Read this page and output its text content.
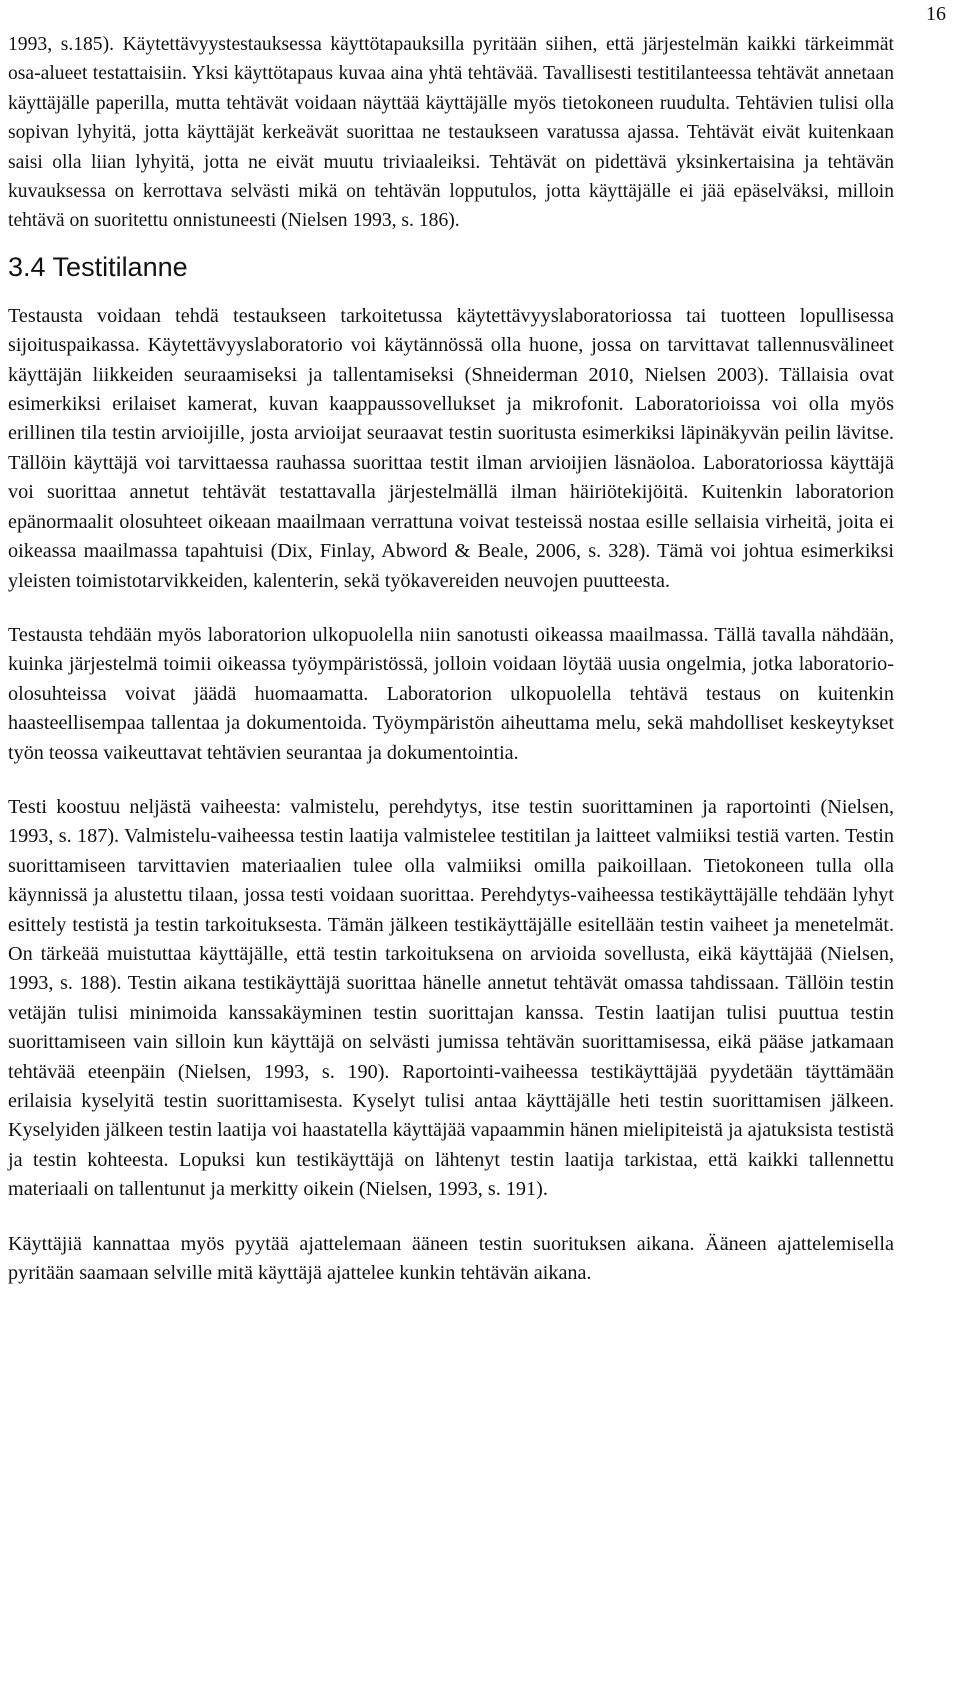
16

1993, s.185). Käytettävyystestauksessa käyttötapauksilla pyritään siihen, että järjestelmän kaikki tärkeimmät osa-alueet testattaisiin. Yksi käyttötapaus kuvaa aina yhtä tehtävää. Tavallisesti testitilanteessa tehtävät annetaan käyttäjälle paperilla, mutta tehtävät voidaan näyttää käyttäjälle myös tietokoneen ruudulta. Tehtävien tulisi olla sopivan lyhyitä, jotta käyttäjät kerkeävät suorittaa ne testaukseen varatussa ajassa. Tehtävät eivät kuitenkaan saisi olla liian lyhyitä, jotta ne eivät muutu triviaaleiksi. Tehtävät on pidettävä yksinkertaisina ja tehtävän kuvauksessa on kerrottava selvästi mikä on tehtävän lopputulos, jotta käyttäjälle ei jää epäselväksi, milloin tehtävä on suoritettu onnistuneesti (Nielsen 1993, s. 186).

3.4 Testitilanne

Testausta voidaan tehdä testaukseen tarkoitetussa käytettävyyslaboratoriossa tai tuotteen lopullisessa sijoituspaikassa. Käytettävyyslaboratorio voi käytännössä olla huone, jossa on tarvittavat tallennusvälineet käyttäjän liikkeiden seuraamiseksi ja tallentamiseksi (Shneiderman 2010, Nielsen 2003). Tällaisia ovat esimerkiksi erilaiset kamerat, kuvan kaappaussovellukset ja mikrofonit. Laboratorioissa voi olla myös erillinen tila testin arvioijille, josta arvioijat seuraavat testin suoritusta esimerkiksi läpinäkyvän peilin lävitse. Tällöin käyttäjä voi tarvittaessa rauhassa suorittaa testit ilman arvioijien läsnäoloa. Laboratoriossa käyttäjä voi suorittaa annetut tehtävät testattavalla järjestelmällä ilman häiriötekijöitä. Kuitenkin laboratorion epänormaalit olosuhteet oikeaan maailmaan verrattuna voivat testeissä nostaa esille sellaisia virheitä, joita ei oikeassa maailmassa tapahtuisi (Dix, Finlay, Abword & Beale, 2006, s. 328). Tämä voi johtua esimerkiksi yleisten toimistotarvikkeiden, kalenterin, sekä työkavereiden neuvojen puutteesta.

Testausta tehdään myös laboratorion ulkopuolella niin sanotusti oikeassa maailmassa. Tällä tavalla nähdään, kuinka järjestelmä toimii oikeassa työympäristössä, jolloin voidaan löytää uusia ongelmia, jotka laboratorio-olosuhteissa voivat jäädä huomaamatta. Laboratorion ulkopuolella tehtävä testaus on kuitenkin haasteellisempaa tallentaa ja dokumentoida. Työympäristön aiheuttama melu, sekä mahdolliset keskeytykset työn teossa vaikeuttavat tehtävien seurantaa ja dokumentointia.

Testi koostuu neljästä vaiheesta: valmistelu, perehdytys, itse testin suorittaminen ja raportointi (Nielsen, 1993, s. 187). Valmistelu-vaiheessa testin laatija valmistelee testitilan ja laitteet valmiiksi testiä varten. Testin suorittamiseen tarvittavien materiaalien tulee olla valmiiksi omilla paikoillaan. Tietokoneen tulla olla käynnissä ja alustettu tilaan, jossa testi voidaan suorittaa. Perehdytys-vaiheessa testikäyttäjälle tehdään lyhyt esittely testistä ja testin tarkoituksesta. Tämän jälkeen testikäyttäjälle esitellään testin vaiheet ja menetelmät. On tärkeää muistuttaa käyttäjälle, että testin tarkoituksena on arvioida sovellusta, eikä käyttäjää (Nielsen, 1993, s. 188). Testin aikana testikäyttäjä suorittaa hänelle annetut tehtävät omassa tahdissaan. Tällöin testin vetäjän tulisi minimoida kanssakäyminen testin suorittajan kanssa. Testin laatijan tulisi puuttua testin suorittamiseen vain silloin kun käyttäjä on selvästi jumissa tehtävän suorittamisessa, eikä pääse jatkamaan tehtävää eteenpäin (Nielsen, 1993, s. 190). Raportointi-vaiheessa testikäyttäjää pyydetään täyttämään erilaisia kyselyitä testin suorittamisesta. Kyselyt tulisi antaa käyttäjälle heti testin suorittamisen jälkeen. Kyselyiden jälkeen testin laatija voi haastatella käyttäjää vapaammin hänen mielipiteistä ja ajatuksista testistä ja testin kohteesta. Lopuksi kun testikäyttäjä on lähtenyt testin laatija tarkistaa, että kaikki tallennettu materiaali on tallentunut ja merkitty oikein (Nielsen, 1993, s. 191).

Käyttäjiä kannattaa myös pyytää ajattelemaan ääneen testin suorituksen aikana. Ääneen ajattelemisella pyritään saamaan selville mitä käyttäjä ajattelee kunkin tehtävän aikana.
